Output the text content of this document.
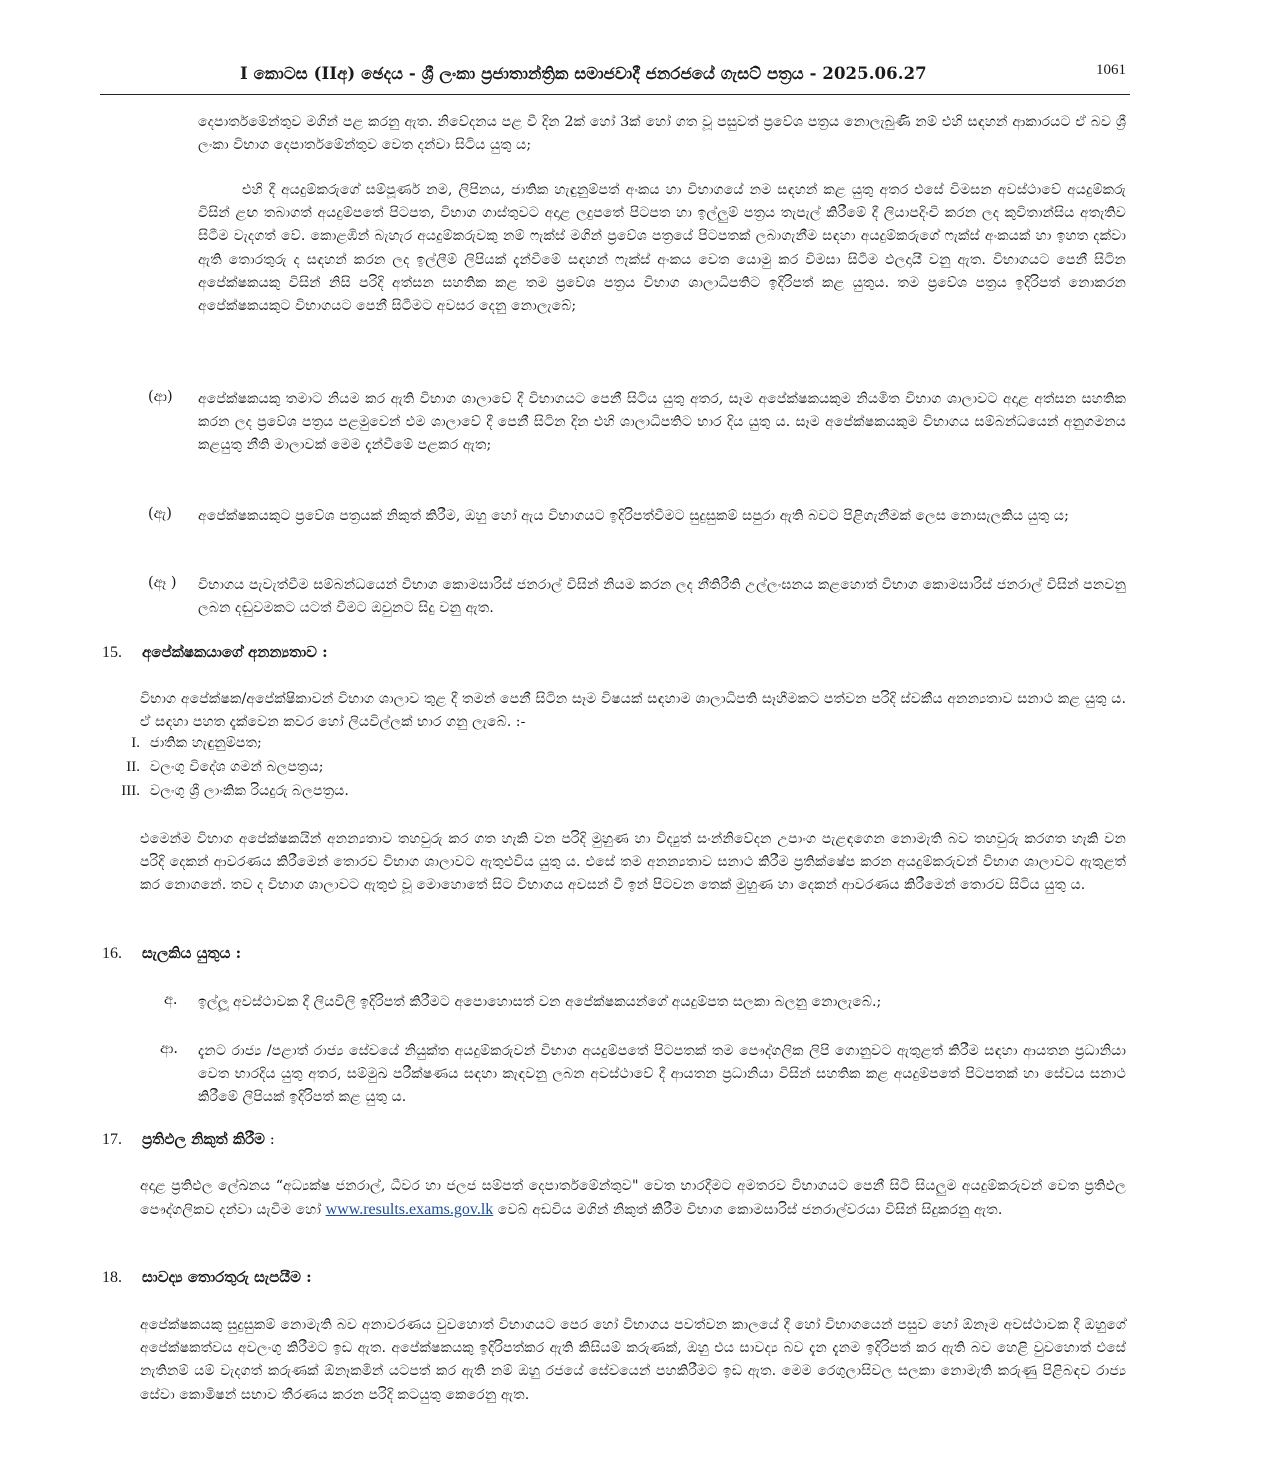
I කොටස (IIඅ) ඡෙදය - ශ්‍රී ලංකා ප්‍රජාතාන්ත්‍රික සමාජවාදී ජනරජයේ ගැසට් පත්‍රය - 2025.06.27	1061

දෙපාර්තමේන්තුව මගින් පළ කරනු ඇත. නිවේදනය පළ වී දින 2ක් හෝ 3ක් හෝ ගත වූ පසුවත් ප්‍රවේශ පත්‍රය නොලැබුණි නම් එහි සඳහන් ආකාරයට ඒ බව ශ්‍රී ලංකා විභාග දෙපාර්තමේන්තුව වෙත දන්වා සිටිය යුතු ය;

එහි දී අයදුම්කරුගේ සම්පූර්ණ නම, ලිපිනය, ජාතික හැඳුනුම්පත් අංකය හා විභාගයේ නම සඳහන් කළ යුතු අතර එසේ විමසන අවස්ථාවේ අයදුම්කරු විසින් ළඟ තබාගත් අයදුම්පතේ පිටපත, විභාග ගාස්තුවට අදාළ ලදුපතේ පිටපත හා ඉල්ලුම් පත්‍රය තැපැල් කිරීමේ දී ලියාපදිංචි කරන ලද කුවිතාන්සිය අතැතිව සිටීම වැදගත් වේ. කොළඹින් බැහැර අයදුම්කරුවකු නම් ෆැක්ස් මගින් ප්‍රවේශ පත්‍රයේ පිටපතක් ලබාගැනීම සඳහා අයදුම්කරුගේ ෆැක්ස් අංකයක් හා ඉහත දක්වා ඇති තොරතුරු ද සඳහන් කරන ලද ඉල්ලීම් ලිපියක් දැන්වීමේ සඳහන් ෆැක්ස් අංකය වෙත යොමු කර විමසා සිටීම ඵලදායී වනු ඇත. විභාගයට පෙනී සිටින අපේක්ෂකයකු විසින් නිසි පරිදි අත්සන සහතික කළ තම ප්‍රවේශ පත්‍රය විභාග ශාලාධිපතිට ඉදිරිපත් කළ යුතුය. තම ප්‍රවේශ පත්‍රය ඉදිරිපත් නොකරන අපේක්ෂකයකුට විභාගයට පෙනී සිටීමට අවසර දෙනු නොලැබේ;

(ආ) අපේක්ෂකයකු තමාට නියම කර ඇති විභාග ශාලාවේ දී විභාගයට පෙනී සිටිය යුතු අතර, සෑම අපේක්ෂකයකුම නියමිත විභාග ශාලාවට අදාළ අත්සන සහතික කරන ලද ප්‍රවේශ පත්‍රය පළමුවෙන් එම ශාලාවේ දී පෙනී සිටින දින එහි ශාලාධිපතිට භාර දිය යුතු ය. සෑම අපේක්ෂකයකුම විභාගය සම්බන්ධයෙන් අනුගමනය කළයුතු නීති මාලාවක් මෙම දැන්වීමේ පළකර ඇත;

(ඇ) අපේක්ෂකයකුට ප්‍රවේශ පත්‍රයක් නිකුත් කිරීම, ඔහු හෝ ඇය විභාගයට ඉදිරිපත්වීමට සුදුසුකම් සපුරා ඇති බවට පිළිගැනීමක් ලෙස නොසැලකිය යුතු ය;

(ඈ ) විභාගය පැවැත්වීම සම්බන්ධයෙන් විභාග කොමසාරිස් ජනරාල් විසින් නියම කරන ලද නීතිරීති උල්ලංඝනය කළහොත් විභාග කොමසාරිස් ජනරාල් විසින් පනවනු ලබන දඬුවමකට යටත් වීමට ඔවුනට සිදු වනු ඇත.

15. අපේක්ෂකයාගේ අනන්‍යතාව :

විභාග අපේක්ෂක/අපේක්ෂිකාවන් විභාග ශාලාව තුළ දී තමන් පෙනී සිටින සෑම විෂයක් සඳහාම ශාලාධිපති සෑහීමකට පත්වන පරිදි ස්වකීය අනන්‍යතාව සනාථ කළ යුතු ය. ඒ සඳහා පහත දැක්වෙන කවර හෝ ලියවිල්ලක් භාර ගනු ලැබේ. :-

I. ජාතික හැඳුනුම්පත;
II. වලංගු විදේශ ගමන් බලපත්‍රය;
III. වලංගු ශ්‍රී ලාංකික රියදුරු බලපත්‍රය.

එමෙන්ම විභාග අපේක්ෂකයින් අනන්‍යතාව තහවුරු කර ගත හැකි වන පරිදි මුහුණ හා විද්‍යුත් සංන්නිවේදන උපාංග පැළඳගෙන නොමැති බව තහවුරු කරගත හැකි වන පරිදි දෙකන් ආවරණය කිරීමෙන් තොරව විභාග ශාලාවට ඇතුළුවිය යුතු ය. එසේ තම අනන්‍යතාව සනාථ කිරීම ප්‍රතික්ෂේප කරන අයදුම්කරුවන් විභාග ශාලාවට ඇතුළත් කර නොගනේ. තව ද විභාග ශාලාවට ඇතුළු වූ මොහොතේ සිට විභාගය අවසන් වී ඉන් පිටවන තෙක් මුහුණ හා දෙකන් ආවරණය කිරීමෙන් තොරව සිටිය යුතු ය.

16. සැලකිය යුතුය :
අ. ඉල්ලූ අවස්ථාවක දී ලියවිලි ඉදිරිපත් කිරීමට අපොහොසත් වන අපේක්ෂකයන්ගේ අයදුම්පත සලකා බලනු නොලැබේ.;

ආ. දැනට රාජ්‍ය /පළාත් රාජ්‍ය සේවයේ නියුක්ත අයදුම්කරුවන් විභාග අයදුම්පතේ පිටපතක් තම පෞද්ගලික ලිපි ගොනුවට ඇතුළත් කිරීම සඳහා ආයතන ප්‍රධානියා වෙත භාරදිය යුතු අතර, සම්මුඛ පරීක්ෂණය සඳහා කැඳවනු ලබන අවස්ථාවේ දී ආයතන ප්‍රධානියා විසින් සහතික කළ අයදුම්පතේ පිටපතක් හා සේවය සනාථ කිරීමේ ලිපියක් ඉදිරිපත් කළ යුතු ය.

17. ප්‍රතිඵල නිකුත් කිරීම :

අදාළ ප්‍රතිඵල ලේඛනය “අධ්‍යක්ෂ ජනරාල්, ධීවර හා ජලජ සම්පත් දෙපාර්තමේන්තුව" වෙත භාරදීමට අමතරව විභාගයට පෙනී සිටි සියලුම අයදුම්කරුවන් වෙත ප්‍රතිඵල පෞද්ගලිකව දන්වා යැවීම හෝ www.results.exams.gov.lk වෙබ් අඩවිය මගින් නිකුත් කිරීම විභාග කොමසාරිස් ජනරාල්වරයා විසින් සිදුකරනු ඇත.

18. සාවද්‍ය තොරතුරු සැපයීම :

අපේක්ෂකයකු සුදුසුකම් නොමැති බව අනාවරණය වුවහොත් විභාගයට පෙර හෝ විභාගය පවත්වන කාලයේ දී හෝ විභාගයෙන් පසුව හෝ ඕනෑම අවස්ථාවක දී ඔහුගේ අපේක්ෂකත්වය අවලංගු කිරීමට ඉඩ ඇත. අපේක්ෂකයකු ඉදිරිපත්කර ඇති කිසියම් කරුණක්, ඔහු එය සාවද්‍ය බව දැන දැනම ඉදිරිපත් කර ඇති බව හෙළි වුවහොත් එසේ නැතිනම් යම් වැදගත් කරුණක් ඕනෑකමින් යටපත් කර ඇති නම් ඔහු රජයේ සේවයෙන් පහකිරීමට ඉඩ ඇත. මෙම රෙගුලාසිවල සලකා නොමැති කරුණු පිළිබඳව රාජ්‍ය සේවා කොමිෂන් සභාව තීරණය කරන පරිදි කටයුතු කෙරෙනු ඇත.
